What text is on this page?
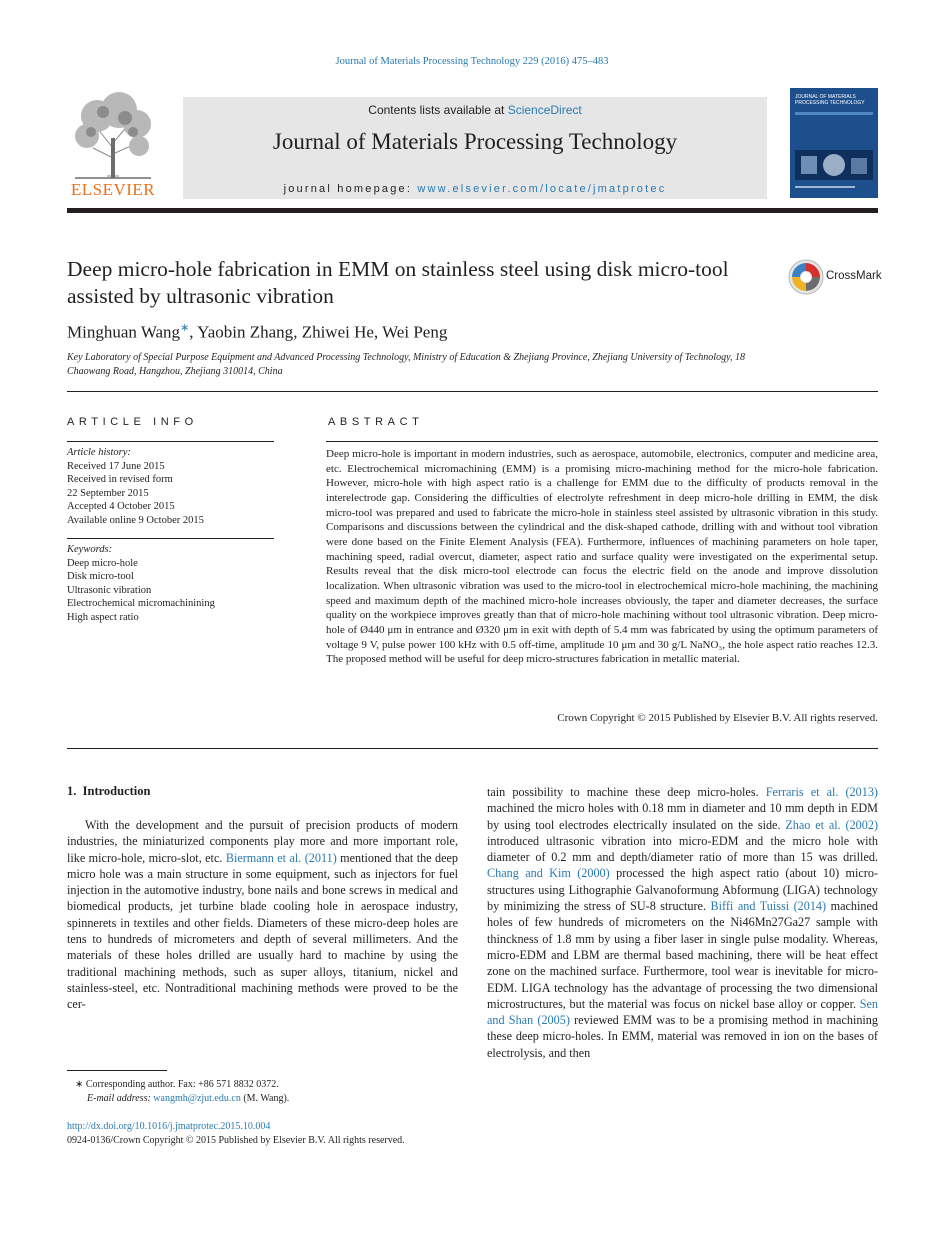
Journal of Materials Processing Technology 229 (2016) 475–483
ELSEVIER
Contents lists available at ScienceDirect
Journal of Materials Processing Technology
journal homepage: www.elsevier.com/locate/jmatprotec
JOURNAL OF MATERIALS PROCESSING TECHNOLOGY
Deep micro-hole fabrication in EMM on stainless steel using disk micro-tool assisted by ultrasonic vibration
CrossMark
Minghuan Wang∗, Yaobin Zhang, Zhiwei He, Wei Peng
Key Laboratory of Special Purpose Equipment and Advanced Processing Technology, Ministry of Education & Zhejiang Province, Zhejiang University of Technology, 18 Chaowang Road, Hangzhou, Zhejiang 310014, China
ARTICLE INFO
Article history:
Received 17 June 2015
Received in revised form
22 September 2015
Accepted 4 October 2015
Available online 9 October 2015
Keywords:
Deep micro-hole
Disk micro-tool
Ultrasonic vibration
Electrochemical micromachinining
High aspect ratio
ABSTRACT
Deep micro-hole is important in modern industries, such as aerospace, automobile, electronics, computer and medicine area, etc. Electrochemical micromachining (EMM) is a promising micro-machining method for the micro-hole fabrication. However, micro-hole with high aspect ratio is a challenge for EMM due to the difficulty of products removal in the interelectrode gap. Considering the difficulties of electrolyte refreshment in deep micro-hole drilling in EMM, the disk micro-tool was prepared and used to fabricate the micro-hole in stainless steel assisted by ultrasonic vibration in this study. Comparisons and discussions between the cylindrical and the disk-shaped cathode, drilling with and without tool vibration were done based on the Finite Element Analysis (FEA). Furthermore, influences of machining parameters on hole taper, machining speed, radial overcut, diameter, aspect ratio and surface quality were investigated on the experimental setup. Results reveal that the disk micro-tool electrode can focus the electric field on the anode and improve dissolution localization. When ultrasonic vibration was used to the micro-tool in electrochemical micro-hole machining, the machining speed and maximum depth of the machined micro-hole increases obviously, the taper and diameter decreases, the surface quality on the workpiece improves greatly than that of micro-hole machining without tool ultrasonic vibration. Deep micro-hole of Ø440 μm in entrance and Ø320 μm in exit with depth of 5.4 mm was fabricated by using the optimum parameters of voltage 9 V, pulse power 100 kHz with 0.5 off-time, amplitude 10 μm and 30 g/L NaNO₃, the hole aspect ratio reaches 12.3. The proposed method will be useful for deep micro-structures fabrication in metallic material.
Crown Copyright © 2015 Published by Elsevier B.V. All rights reserved.
1. Introduction
With the development and the pursuit of precision products of modern industries, the miniaturized components play more and more important role, like micro-hole, micro-slot, etc. Biermann et al. (2011) mentioned that the deep micro hole was a main structure in some equipment, such as injectors for fuel injection in the automotive industry, bone nails and bone screws in medical and biomedical products, jet turbine blade cooling hole in aerospace industry, spinnerets in textiles and other fields. Diameters of these micro-deep holes are tens to hundreds of micrometers and depth of several millimeters. And the materials of these holes drilled are usually hard to machine by using the traditional machining methods, such as super alloys, titanium, nickel and stainless-steel, etc. Nontraditional machining methods were proved to be the cer-
tain possibility to machine these deep micro-holes. Ferraris et al. (2013) machined the micro holes with 0.18 mm in diameter and 10 mm depth in EDM by using tool electrodes electrically insulated on the side. Zhao et al. (2002) introduced ultrasonic vibration into micro-EDM and the micro hole with diameter of 0.2 mm and depth/diameter ratio of more than 15 was drilled. Chang and Kim (2000) processed the high aspect ratio (about 10) micro-structures using Lithographie Galvanoformung Abformung (LIGA) technology by minimizing the stress of SU-8 structure. Biffi and Tuissi (2014) machined holes of few hundreds of micrometers on the Ni46Mn27Ga27 sample with thinckness of 1.8 mm by using a fiber laser in single pulse modality. Whereas, micro-EDM and LBM are thermal based machining, there will be heat effect zone on the machined surface. Furthermore, tool wear is inevitable for micro-EDM. LIGA technology has the advantage of processing the two dimensional microstructures, but the material was focus on nickel base alloy or copper. Sen and Shan (2005) reviewed EMM was to be a promising method in machining these deep micro-holes. In EMM, material was removed in ion on the bases of electrolysis, and then
∗ Corresponding author. Fax: +86 571 8832 0372.
E-mail address: wangmh@zjut.edu.cn (M. Wang).
http://dx.doi.org/10.1016/j.jmatprotec.2015.10.004
0924-0136/Crown Copyright © 2015 Published by Elsevier B.V. All rights reserved.
